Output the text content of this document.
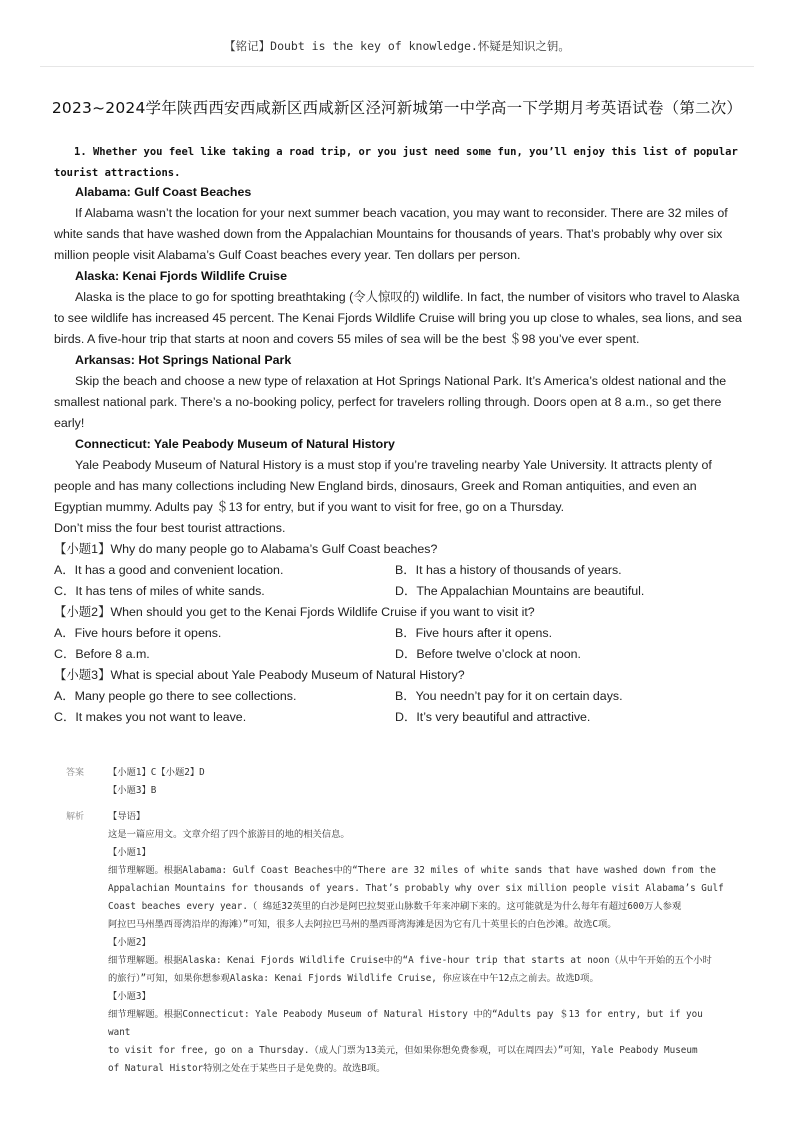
【铭记】Doubt is the key of knowledge.怀疑是知识之钥。
2023~2024学年陕西西安西咸新区西咸新区泾河新城第一中学高一下学期月考英语试卷（第二次）
1. Whether you feel like taking a road trip, or you just need some fun, you’ll enjoy this list of popular
tourist attractions.

Alabama: Gulf Coast Beaches

If Alabama wasn’t the location for your next summer beach vacation, you may want to reconsider. There are 32 miles of white sands that have washed down from the Appalachian Mountains for thousands of years. That’s probably why over six million people visit Alabama’s Gulf Coast beaches every year. Ten dollars per person.

Alaska: Kenai Fjords Wildlife Cruise

Alaska is the place to go for spotting breathtaking (令人惊叹的) wildlife. In fact, the number of visitors who travel to Alaska to see wildlife has increased 45 percent. The Kenai Fjords Wildlife Cruise will bring you up close to whales, sea lions, and sea birds. A five-hour trip that starts at noon and covers 55 miles of sea will be the best ＄98 you’ve ever spent.

Arkansas: Hot Springs National Park

Skip the beach and choose a new type of relaxation at Hot Springs National Park. It’s America’s oldest national and the smallest national park. There’s a no-booking policy, perfect for travelers rolling through. Doors open at 8 a.m., so get there early!

Connecticut: Yale Peabody Museum of Natural History

Yale Peabody Museum of Natural History is a must stop if you’re traveling nearby Yale University. It attracts plenty of people and has many collections including New England birds, dinosaurs, Greek and Roman antiquities, and even an Egyptian mummy. Adults pay ＄13 for entry, but if you want to visit for free, go on a Thursday.

Don’t miss the four best tourist attractions.

【小题1】Why do many people go to Alabama’s Gulf Coast beaches?

A．It has a good and convenient location.	B．It has a history of thousands of years.
C．It has tens of miles of white sands.	D．The Appalachian Mountains are beautiful.

【小题2】When should you get to the Kenai Fjords Wildlife Cruise if you want to visit it?

A．Five hours before it opens.	B．Five hours after it opens.
C．Before 8 a.m.	D．Before twelve o’clock at noon.

【小题3】What is special about Yale Peabody Museum of Natural History?

A．Many people go there to see collections.	B．You needn’t pay for it on certain days.
C．It makes you not want to leave.	D．It’s very beautiful and attractive.
答案	【小题1】C【小题2】D

【小题3】B

解析	【导语】

这是一篇应用文。文章介绍了四个旅游目的地的相关信息。

【小题1】

细节理解题。根据Alabama: Gulf Coast Beaches中的“There are 32 miles of white sands that have washed down from the

Appalachian Mountains for thousands of years. That’s probably why over six million people visit Alabama’s Gulf

Coast beaches every year.（ 绵延32英里的白沙是阿巴拉契亚山脉数千年来冲刷下来的。这可能就是为什么每年有超过600万人参观

阿拉巴马州墨西哥湾沿岸的海滩）”可知，很多人去阿拉巴马州的墨西哥湾海滩是因为它有几十英里长的白色沙滩。故选C项。

【小题2】

细节理解题。根据Alaska: Kenai Fjords Wildlife Cruise中的“A five-hour trip that starts at noon（从中午开始的五个小时

的旅行）”可知，如果你想参观Alaska: Kenai Fjords Wildlife Cruise, 你应该在中午12点之前去。故选D项。

【小题3】

细节理解题。根据Connecticut: Yale Peabody Museum of Natural History 中的“Adults pay ＄13 for entry, but if you want

to visit for free, go on a Thursday.（成人门票为13美元，但如果你想免费参观，可以在周四去）”可知，Yale Peabody Museum

of Natural Histor特别之处在于某些日子是免费的。故选B项。
